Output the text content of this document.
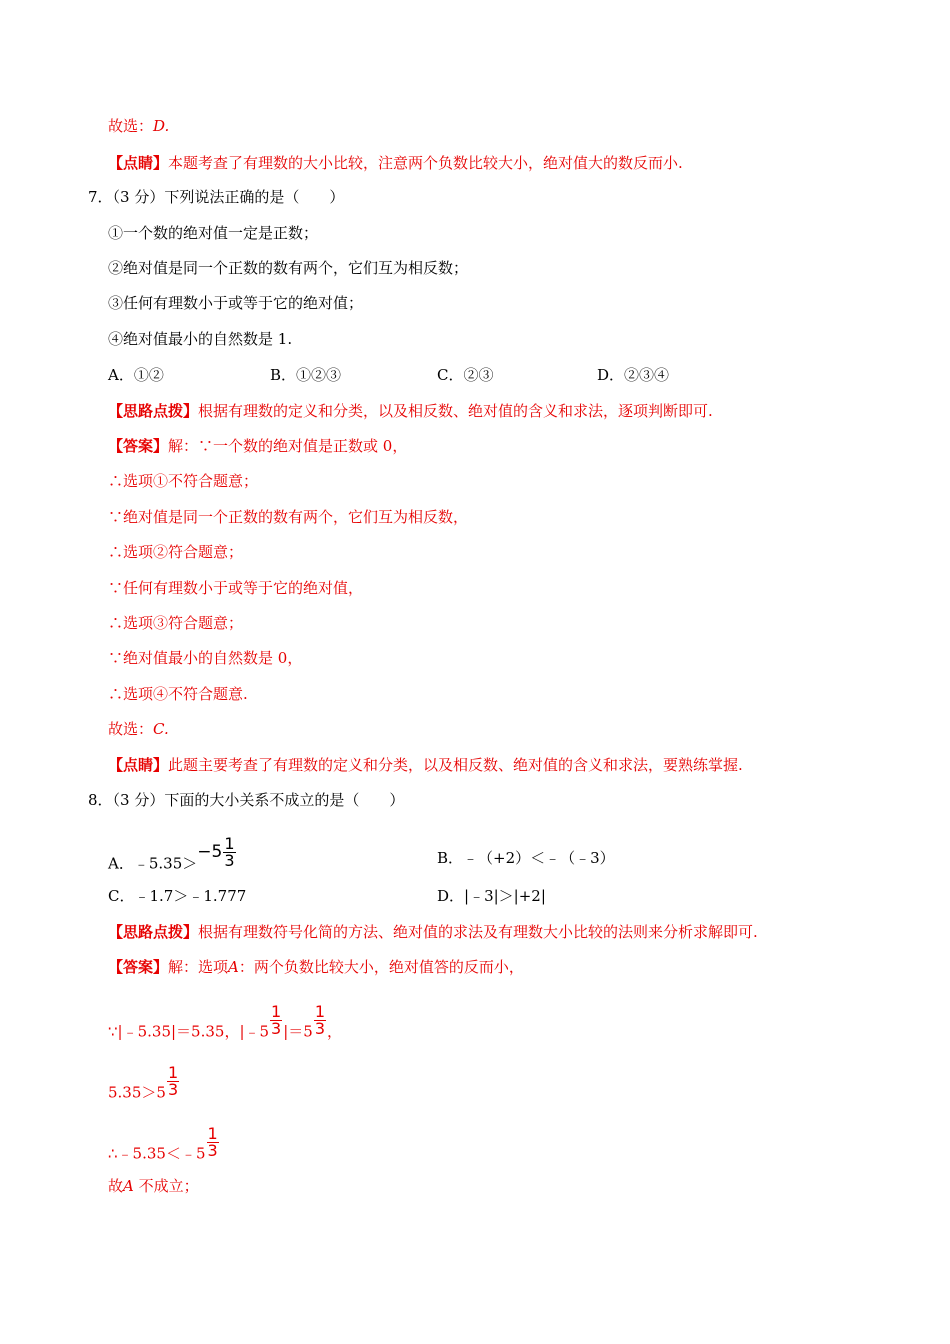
故选：D.
【点睛】本题考查了有理数的大小比较，注意两个负数比较大小，绝对值大的数反而小.
7．（3 分）下列说法正确的是（　　）
①一个数的绝对值一定是正数；
②绝对值是同一个正数的数有两个，它们互为相反数；
③任何有理数小于或等于它的绝对值；
④绝对值最小的自然数是 1.
A．①②	B．①②③	C．②③	D．②③④
【思路点拨】根据有理数的定义和分类，以及相反数、绝对值的含义和求法，逐项判断即可.
【答案】解：∵一个数的绝对值是正数或 0，
∴选项①不符合题意；
∵绝对值是同一个正数的数有两个，它们互为相反数，
∴选项②符合题意；
∵任何有理数小于或等于它的绝对值，
∴选项③符合题意；
∵绝对值最小的自然数是 0，
∴选项④不符合题意.
故选：C.
【点睛】此题主要考查了有理数的定义和分类，以及相反数、绝对值的含义和求法，要熟练掌握.
8．（3 分）下面的大小关系不成立的是（　　）
A．﹣5.35＞−5 $\frac{1}{3}$	B．﹣（+2）＜﹣（﹣3）
C．﹣1.7＞﹣1.777	D．|﹣3|＞|+2|
【思路点拨】根据有理数符号化简的方法、绝对值的求法及有理数大小比较的法则来分析求解即可.
【答案】解：选项A：两个负数比较大小，绝对值答的反而小，
∵|﹣5.35|＝5.35，|﹣5 $\frac{1}{3} |=5 \frac{1}{3}$ ，
$5.35>5 \frac{1}{3}$
∴﹣5.35＜﹣5 $\frac{1}{3}$
故A 不成立；
